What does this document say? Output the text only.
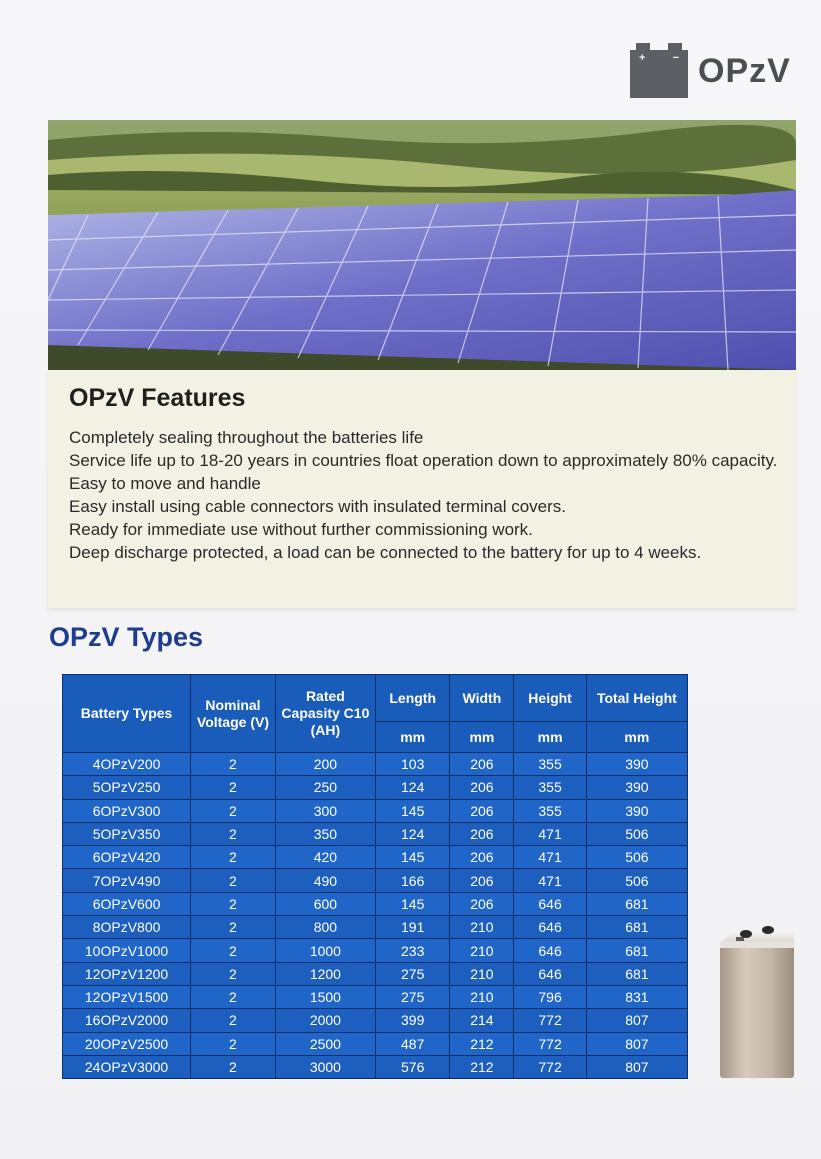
+ − OPzV
OPzV Features
Completely sealing throughout the batteries life
Service life up to 18-20 years in countries float operation down to approximately 80% capacity.
Easy to move and handle
Easy install using cable connectors with insulated terminal covers.
Ready for immediate use without further commissioning work.
Deep discharge protected, a load can be connected to the battery for up to 4 weeks.
OPzV Types
Battery Types	Nominal Voltage (V)	Rated Capasity C10 (AH)	Length	Width	Height	Total Height
			mm	mm	mm	mm
4OPzV200	2	200	103	206	355	390
5OPzV250	2	250	124	206	355	390
6OPzV300	2	300	145	206	355	390
5OPzV350	2	350	124	206	471	506
6OPzV420	2	420	145	206	471	506
7OPzV490	2	490	166	206	471	506
6OPzV600	2	600	145	206	646	681
8OPzV800	2	800	191	210	646	681
10OPzV1000	2	1000	233	210	646	681
12OPzV1200	2	1200	275	210	646	681
12OPzV1500	2	1500	275	210	796	831
16OPzV2000	2	2000	399	214	772	807
20OPzV2500	2	2500	487	212	772	807
24OPzV3000	2	3000	576	212	772	807
